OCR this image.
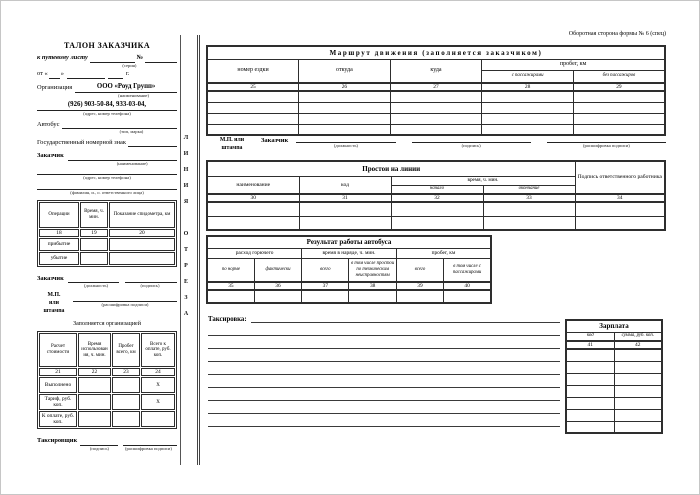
ТАЛОН ЗАКАЗЧИКА
к путевому листу	№
(серия)
от « »	г.
Организация	ООО «Роуд Групп»
(наименование)
(926) 903-50-84, 933-03-04,
(адрес, номер телефона)
Автобус
(тип, марка)
Государственный номерной знак
Заказчик
(наименование)
(адрес, номер телефона)
(фамилия, и., о. ответственного лица)
Операции	Время, ч. мин.	Показание спидометра, км
18	19	20
прибытие		
убытие		
Заказчик
(должность)	(подпись)
М.П. или штампа
(расшифровка подписи)
Заполняется организацией
Расчет стоимости	Время использования, ч. мин.	Пробег всего, км	Всего к оплате, руб. коп.
21	22	23	24
Выполнено			X
Тариф, руб. коп.			X
К оплате, руб. коп.			
Таксировщик
(подпись)	(расшифровка подписи)
ЛИНИЯ ОТРЕЗА
Оборотная сторона формы № 6 (спец)
Маршрут движения (заполняется заказчиком)				
номер ездки	откуда	куда	пробег, км	
			с пассажирами	без пассажиров
25	26	27	28	29

М.П. или штампа
Заказчик
(должность)	(подпись)	(расшифровка подписи)
Простои на линии				Подпись ответственного работника
наименование	код	время, ч. мин.		
		начало	окончание	
30	31	32	33	34

Результат работы автобуса					
расход горючего		время в наряде, ч. мин.		пробег, км	
по норме	фактически	всего	в том числе простои по техническим неисправностям	всего	в том числе с пассажирами
35	36	37	38	39	40

Таксировка:
Зарплата	
код	сумма, руб. коп.
41	42
